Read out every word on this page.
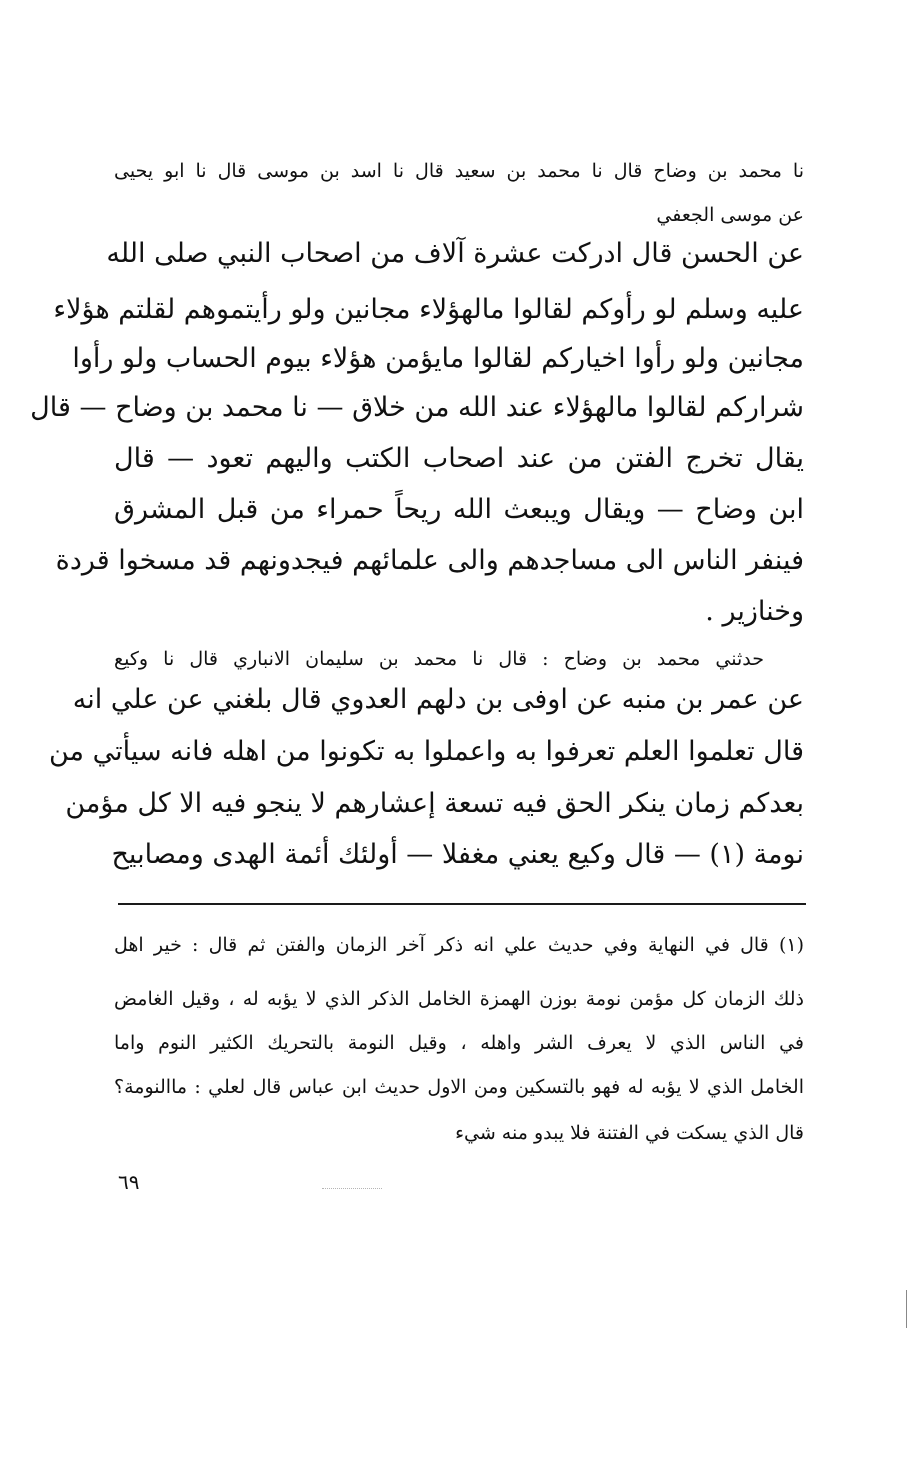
نا محمد بن وضاح قال نا محمد بن سعيد قال نا اسد بن موسى قال نا ابو يحيى
عن موسى الجعفي
عن الحسن قال ادركت عشرة آلاف من اصحاب النبي صلى الله
عليه وسلم لو رأوكم لقالوا مالهؤلاء مجانين ولو رأيتموهم لقلتم هؤلاء
مجانين ولو رأوا اخياركم لقالوا مايؤمن هؤلاء بيوم الحساب ولو رأوا
شراركم لقالوا مالهؤلاء عند الله من خلاق — نا محمد بن وضاح — قال
يقال تخرج الفتن من عند اصحاب الكتب واليهم تعود — قال
ابن وضاح — ويقال ويبعث الله ريحاً حمراء من قبل المشرق
فينفر الناس الى مساجدهم والى علمائهم فيجدونهم قد مسخوا قردة
وخنازير .
حدثني محمد بن وضاح : قال نا محمد بن سليمان الانباري قال نا وكيع
عن عمر بن منبه عن اوفى بن دلهم العدوي قال بلغني عن علي انه
قال تعلموا العلم تعرفوا به واعملوا به تكونوا من اهله فانه سيأتي من
بعدكم زمان ينكر الحق فيه تسعة إعشارهم لا ينجو فيه الا كل مؤمن
نومة (١) — قال وكيع يعني مغفلا — أولئك أئمة الهدى ومصابيح
(١) قال في النهاية وفي حديث علي انه ذكر آخر الزمان والفتن ثم قال : خير اهل
ذلك الزمان كل مؤمن نومة بوزن الهمزة الخامل الذكر الذي لا يؤبه له ، وقيل الغامض
في الناس الذي لا يعرف الشر واهله ، وقيل النومة بالتحريك الكثير النوم واما
الخامل الذي لا يؤبه له فهو بالتسكين ومن الاول حديث ابن عباس قال لعلي : ماالنومة؟
قال الذي يسكت في الفتنة فلا يبدو منه شيء
٦٩
